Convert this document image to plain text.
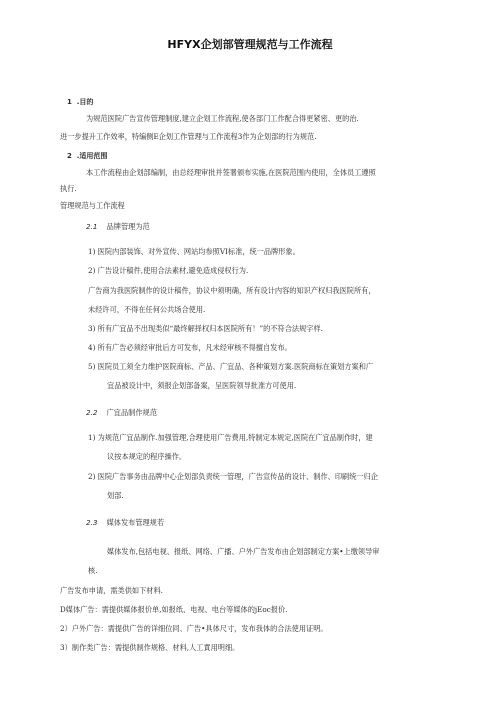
HFYX企划部管理规范与工作流程
1 .目的
为规范医院广告宣传管理制度,建立企划工作流程,使各部门工作配合得更紧密、更的治.
进一步提升工作效率，特编侧E企划工作管理与工作流程3作为企划部的行为规范.
2 .适用范围
本工作流程由企划部编制，由总经理审批并签署颁布实施,在医院范围内使用，全体员工遵照
执行.
管理规范与工作流程
2.1 品牌管理为范
1) 医院内部装饰、对外宣传、网站均参照VI标准，统一品牌形象。
2) 广告设计稿件,使用合法素材,避免造成侵权行为.
广告商为我医院制作的设计稿件，协议中须明确，所有设计内容的知识产权归我医院所有，
未经许可，不得在任何公共场合使用.
3) 所有广宜品不出现类似“最终解择权归本医院所有！”的不符合法规字样.
4) 所有广告必须经审批后方可发布，凡未经审核不得擅自发布。
5) 医院员工须全力维护医院商标、产品、广宜品、各种策划方案.医院商标在策划方案和广
宜品被设计中，须报企划部备案，呈医院领导批准方可使用.
2.2 广宜品制作规范
1) 为规范广宜品制作.加强管理,合理使用广告费用,特制定本规定,医院在广宜品制作时，建
议按本规定的程序操作。
2) 医院广告事务由品牌中心企划部负责统一管理，广告宣传品的设计、制作、印刷统一归企
划部.
2.3 媒体发布管理规若
媒体发布,包括电视、报纸、网络、广播、户外广告发布由企划部制定方案•上缴领导审
核.
广告发布申请，需类供如下材料.
D媒体广告：需提供媒体报价单,如报纸、电视、电台等媒体的jEoc报价.
2）户外广告：需提供广告的详细位同、广告•具体尺寸，发布我体的合法使用证明。
3）制作类广告：需提供制作规格、材料,人工責用明细。
